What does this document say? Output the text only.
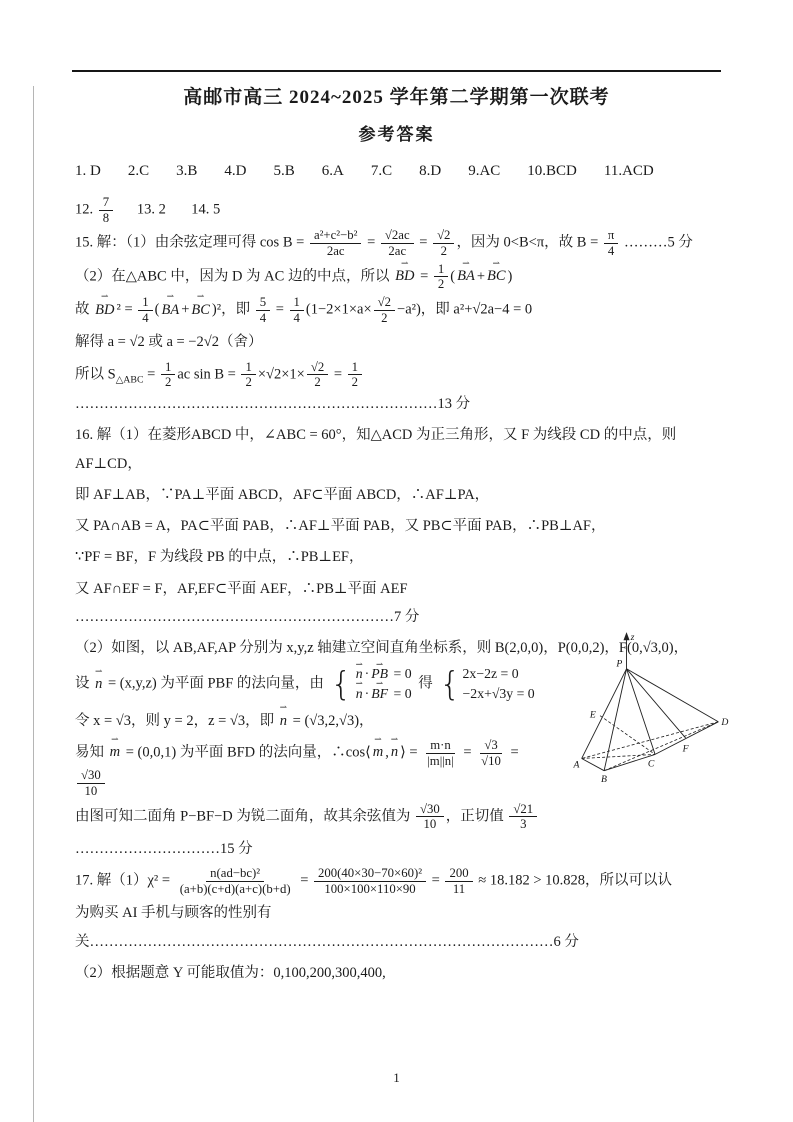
高邮市高三 2024~2025 学年第二学期第一次联考
参考答案
1. D 2.C 3.B 4.D 5.B 6.A 7.C 8.D 9.AC 10.BCD 11.ACD
12. $\frac{7}{8} 13$. 2       14. 5
15. 解：（1）由余弦定理可得 $\cos B = \frac{\text{a²+c²−b²}}{2ac} = \frac{√2ac}{2ac} = \frac{√2}{2}$ ，因为 0<B<π，故 $B = \frac{\pi}{4}$ ………5 分
（2）在△ABC 中，因为 D 为 AC 边的中点，所以 BD ⇀ = $\frac{1}{2}$ ( BA ⇀ + BC ⇀ )
故 BD ⇀ $^2 = \frac{1}{4}$ ( BA ⇀ + BC ⇀ )²，即 $\frac{5}{4} = \frac{1}{4} (1-2\times 1\times a\times \frac{√2}{2} -a^2)$，即 a²+√2a−4 = 0
解得 a = √2 或 a = −2√2（舍）
所以 $S_{\triangle ABC} = \frac{1}{2}$ ac $\sin B = \frac{1}{2} \times√2\times 1\times \frac{√2}{2} = \frac{1}{2}$ …………………………………………………………………13 分
16. 解（1）在菱形ABCD 中，∠ABC = 60°，知△ACD 为正三角形，又 F 为线段 CD 的中点，则 AF⊥CD，
即 AF⊥AB，∵PA⊥平面 ABCD，AF⊂平面 ABCD，∴AF⊥PA，
又 PA∩AB = A，PA⊂平面 PAB，∴AF⊥平面 PAB，又 PB⊂平面 PAB，∴PB⊥AF，
∵PF = BF，F 为线段 PB 的中点，∴PB⊥EF，
又 AF∩EF = F，AF,EF⊂平面 AEF，∴PB⊥平面 AEF …………………………………………………………7 分
（2）如图，以 AB,AF,AP 分别为 x,y,z 轴建立空间直角坐标系，则 B(2,0,0)，P(0,0,2)，F(0,√3,0)，
设 n ⇀ = (x,y,z) 为平面 PBF 的法向量，由 { n ⇀ · PB ⇀ = 0
n ⇀ · BF ⇀ = 0
得 { 2x−2z = 0
−2x+√3y = 0
令 x = √3，则 y = 2，z = √3，即 n ⇀ = (√3,2,√3)，
易知 m ⇀ = (0,0,1) 为平面 BFD 的法向量，∴cos⟨ m ⇀ , n ⇀ ⟩ = $\frac{m\cdot n}{|m||n|} = \frac{√3}{√10}$ =
$\frac{√30}{10}$
由图可知二面角 P−BF−D 为锐二面角，故其余弦值为 $\frac{√30}{10}$ ，正切值 $\frac{√21}{3}$
…………………………15 分
17. 解$(1)\chi^2 = \frac{\text{n(ad−bc)²}}{(a+b)(c+d)(a+c)(b+d)} = \frac{\text{200(40×30−70×60)²}}{100\times 100\times 110\times 90} = \frac{200}{11} \approx 18.182 > 10.828$，所以可以认
为购买 AI 手机与顾客的性别有关……………………………………………………………………………………6 分
（2）根据题意 Y 可能取值为：0,100,200,300,400,
z
P
E
D
C
F
A
B
1
